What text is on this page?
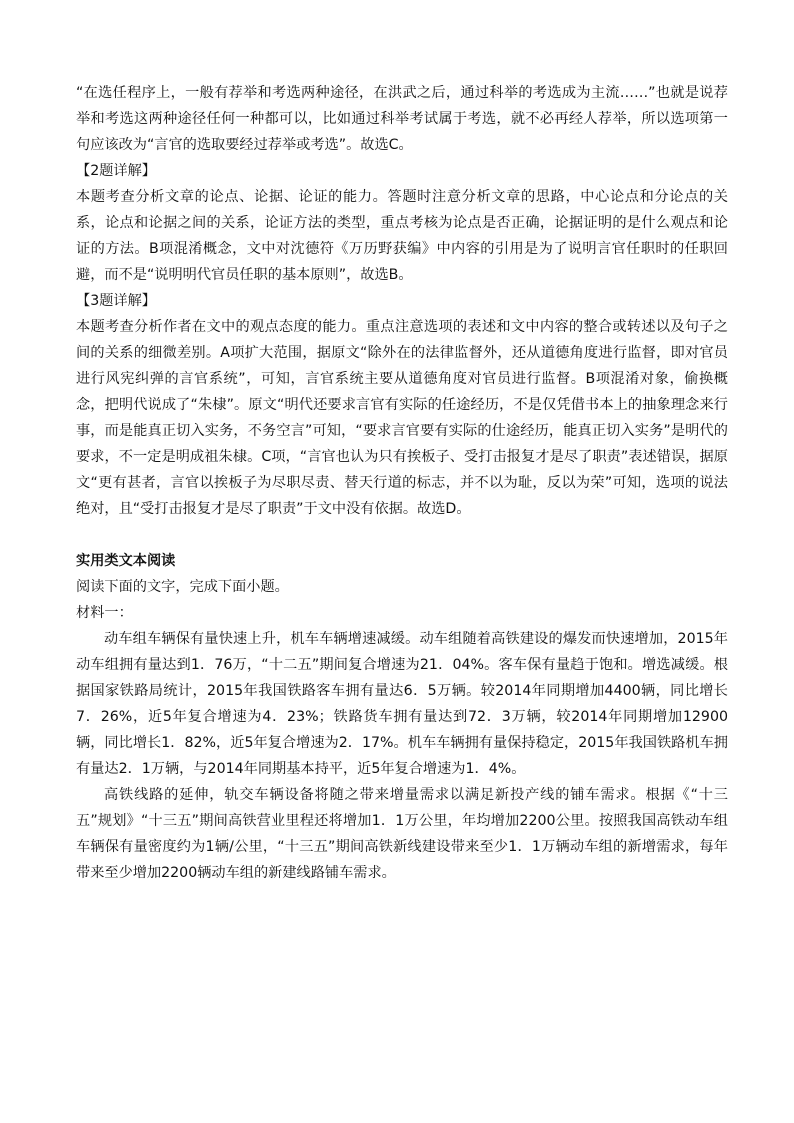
“在选任程序上，一般有荐举和考选两种途径，在洪武之后，通过科举的考选成为主流……”也就是说荐举和考选这两种途径任何一种都可以，比如通过科举考试属于考选，就不必再经人荐举，所以选项第一句应该改为“言官的选取要经过荐举或考选”。故选C。

【2题详解】

本题考查分析文章的论点、论据、论证的能力。答题时注意分析文章的思路，中心论点和分论点的关系，论点和论据之间的关系，论证方法的类型，重点考核为论点是否正确，论据证明的是什么观点和论证的方法。B项混淆概念，文中对沈德符《万历野获编》中内容的引用是为了说明言官任职时的任职回避，而不是“说明明代官员任职的基本原则”，故选B。

【3题详解】

本题考查分析作者在文中的观点态度的能力。重点注意选项的表述和文中内容的整合或转述以及句子之间的关系的细微差别。A项扩大范围，据原文“除外在的法律监督外，还从道德角度进行监督，即对官员进行风宪纠弹的言官系统”，可知，言官系统主要从道德角度对官员进行监督。B项混淆对象，偷换概念，把明代说成了“朱棣”。原文“明代还要求言官有实际的任途经历，不是仅凭借书本上的抽象理念来行事，而是能真正切入实务，不务空言”可知，“要求言官要有实际的仕途经历，能真正切入实务”是明代的要求，不一定是明成祖朱棣。C项，“言官也认为只有挨板子、受打击报复才是尽了职责”表述错误，据原文“更有甚者，言官以挨板子为尽职尽责、替天行道的标志，并不以为耻，反以为荣”可知，选项的说法绝对，且“受打击报复才是尽了职责”于文中没有依据。故选D。

实用类文本阅读

阅读下面的文字，完成下面小题。

材料一：

动车组车辆保有量快速上升，机车车辆增速减缓。动车组随着高铁建设的爆发而快速增加，2015年动车组拥有量达到1．76万，“十二五”期间复合增速为21．04%。客车保有量趋于饱和。增选减缓。根据国家铁路局统计，2015年我国铁路客车拥有量达6．5万辆。较2014年同期增加4400辆，同比增长7．26%，近5年复合增速为4．23%；铁路货车拥有量达到72．3万辆，较2014年同期增加12900辆，同比增长1．82%，近5年复合增速为2．17%。机车车辆拥有量保持稳定，2015年我国铁路机车拥有量达2．1万辆，与2014年同期基本持平，近5年复合增速为1．4%。

高铁线路的延伸，轨交车辆设备将随之带来增量需求以满足新投产线的铺车需求。根据《“十三五”规划》“十三五”期间高铁营业里程还将增加1．1万公里，年均增加2200公里。按照我国高铁动车组车辆保有量密度约为1辆/公里，“十三五”期间高铁新线建设带来至少1．1万辆动车组的新增需求，每年带来至少增加2200辆动车组的新建线路铺车需求。
